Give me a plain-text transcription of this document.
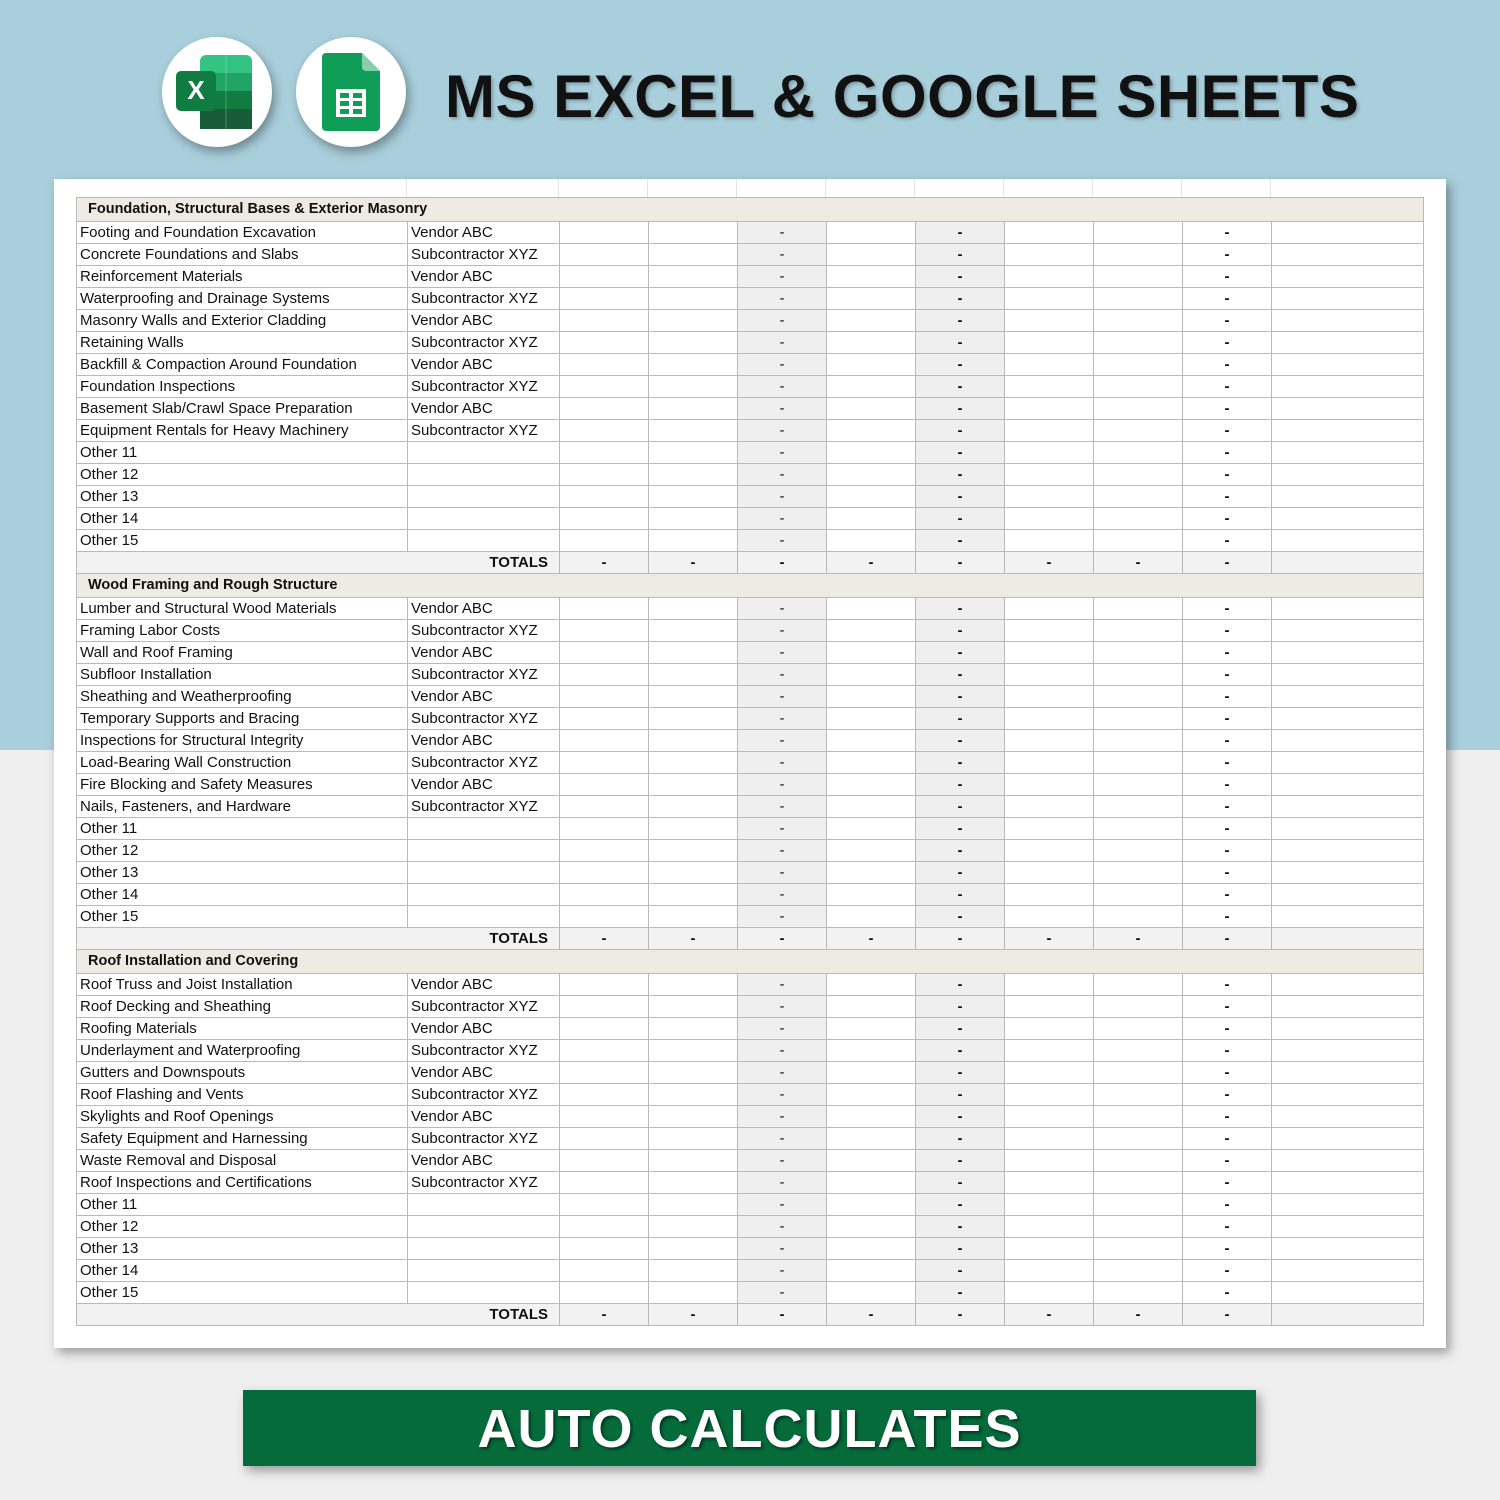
X	MS EXCEL & GOOGLE SHEETS
Foundation, Structural Bases & Exterior Masonry										
Footing and Foundation Excavation	Vendor ABC			-		-			-	
Concrete Foundations and Slabs	Subcontractor XYZ			-		-			-	
Reinforcement Materials	Vendor ABC			-		-			-	
Waterproofing and Drainage Systems	Subcontractor XYZ			-		-			-	
Masonry Walls and Exterior Cladding	Vendor ABC			-		-			-	
Retaining Walls	Subcontractor XYZ			-		-			-	
Backfill & Compaction Around Foundation	Vendor ABC			-		-			-	
Foundation Inspections	Subcontractor XYZ			-		-			-	
Basement Slab/Crawl Space Preparation	Vendor ABC			-		-			-	
Equipment Rentals for Heavy Machinery	Subcontractor XYZ			-		-			-	
Other 11				-		-			-	
Other 12				-		-			-	
Other 13				-		-			-	
Other 14				-		-			-	
Other 15				-		-			-	
TOTALS		-	-	-	-	-	-	-	-	
Wood Framing and Rough Structure										
Lumber and Structural Wood Materials	Vendor ABC			-		-			-	
Framing Labor Costs	Subcontractor XYZ			-		-			-	
Wall and Roof Framing	Vendor ABC			-		-			-	
Subfloor Installation	Subcontractor XYZ			-		-			-	
Sheathing and Weatherproofing	Vendor ABC			-		-			-	
Temporary Supports and Bracing	Subcontractor XYZ			-		-			-	
Inspections for Structural Integrity	Vendor ABC			-		-			-	
Load-Bearing Wall Construction	Subcontractor XYZ			-		-			-	
Fire Blocking and Safety Measures	Vendor ABC			-		-			-	
Nails, Fasteners, and Hardware	Subcontractor XYZ			-		-			-	
Other 11				-		-			-	
Other 12				-		-			-	
Other 13				-		-			-	
Other 14				-		-			-	
Other 15				-		-			-	
TOTALS		-	-	-	-	-	-	-	-	
Roof Installation and Covering										
Roof Truss and Joist Installation	Vendor ABC			-		-			-	
Roof Decking and Sheathing	Subcontractor XYZ			-		-			-	
Roofing Materials	Vendor ABC			-		-			-	
Underlayment and Waterproofing	Subcontractor XYZ			-		-			-	
Gutters and Downspouts	Vendor ABC			-		-			-	
Roof Flashing and Vents	Subcontractor XYZ			-		-			-	
Skylights and Roof Openings	Vendor ABC			-		-			-	
Safety Equipment and Harnessing	Subcontractor XYZ			-		-			-	
Waste Removal and Disposal	Vendor ABC			-		-			-	
Roof Inspections and Certifications	Subcontractor XYZ			-		-			-	
Other 11				-		-			-	
Other 12				-		-			-	
Other 13				-		-			-	
Other 14				-		-			-	
Other 15				-		-			-	
TOTALS		-	-	-	-	-	-	-	-	
AUTO CALCULATES
